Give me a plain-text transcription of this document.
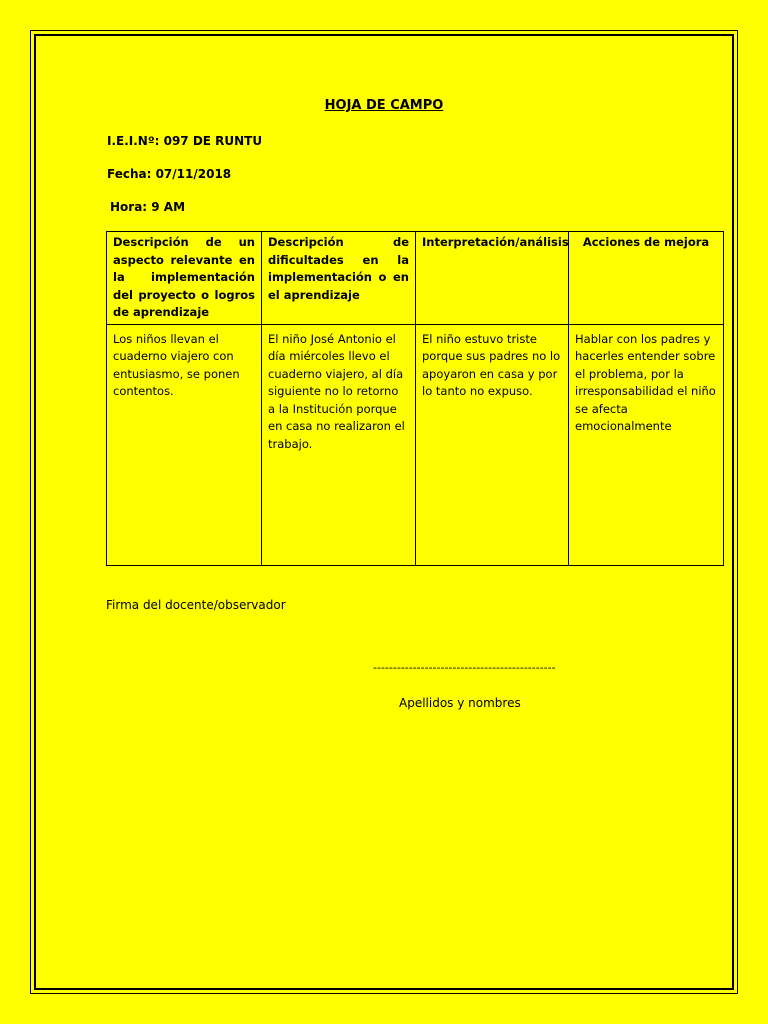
HOJA DE CAMPO
I.E.I.Nº: 097 DE RUNTU
Fecha: 07/11/2018
Hora: 9 AM
Descripción de un aspecto relevante en la implementación del proyecto o logros de aprendizaje	Descripción de dificultades en la implementación o en el aprendizaje	Interpretación/análisis	Acciones de mejora
Los niños llevan el cuaderno viajero con entusiasmo, se ponen contentos.	El niño José Antonio el día miércoles llevo el cuaderno viajero, al día siguiente no lo retorno a la Institución porque en casa no realizaron el trabajo.	El niño estuvo triste porque sus padres no lo apoyaron en casa y por lo tanto no expuso.	Hablar con los padres y hacerles entender sobre el problema, por la irresponsabilidad el niño se afecta emocionalmente
Firma del docente/observador
----------------------------------------------
Apellidos y nombres
